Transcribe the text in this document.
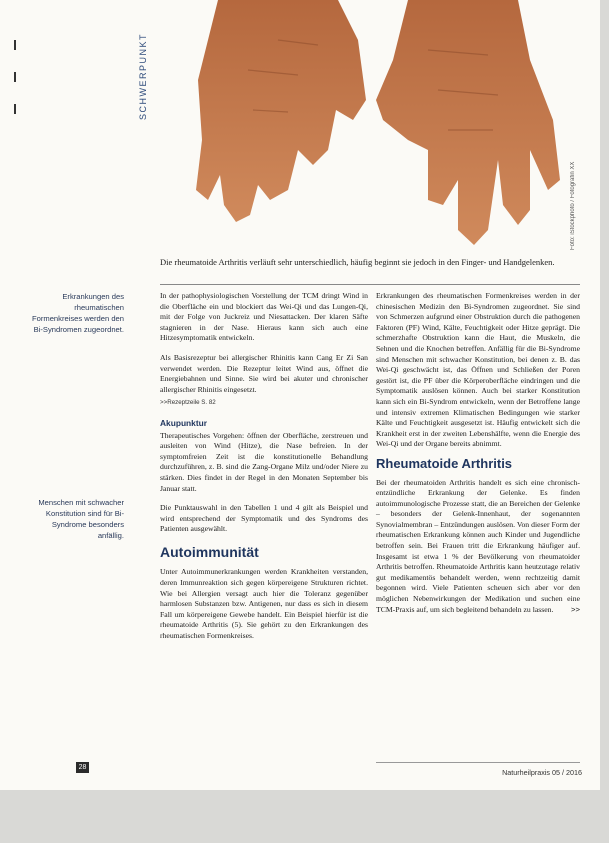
SCHWERPUNKT
Foto: iStockphoto / Fotografin XX
Die rheumatoide Arthritis verläuft sehr unterschiedlich, häufig beginnt sie jedoch in den Finger- und Handgelenken.
Erkrankungen des rheumatischen Formenkreises werden den Bi-Syndromen zugeordnet.
Menschen mit schwacher Konstitution sind für Bi-Syndrome besonders anfällig.

In der pathophysiologischen Vorstellung der TCM dringt Wind in die Oberfläche ein und blockiert das Wei-Qi und das Lungen-Qi, mit der Folge von Juckreiz und Niesattacken. Der klaren Säfte stagnieren in der Nase. Hieraus kann sich auch eine Hitzesymptomatik entwickeln.

Als Basisrezeptur bei allergischer Rhinitis kann Cang Er Zi San verwendet werden. Die Rezeptur leitet Wind aus, öffnet die Energiebahnen und Sinne. Sie wird bei akuter und chronischer allergischer Rhinitis eingesetzt.

>>Rezeptzeile S. 82

Akupunktur

Therapeutisches Vorgehen: öffnen der Oberfläche, zerstreuen und ausleiten von Wind (Hitze), die Nase befreien. In der symptomfreien Zeit ist die konstitutionelle Behandlung durchzuführen, z. B. sind die Zang-Organe Milz und/oder Niere zu stärken. Dies findet in der Regel in den Monaten September bis Januar statt.

Die Punktauswahl in den Tabellen 1 und 4 gilt als Beispiel und wird entsprechend der Symptomatik und des Syndroms des Patienten ausgewählt.

Autoimmunität

Unter Autoimmunerkrankungen werden Krankheiten verstanden, deren Immunreaktion sich gegen körpereigene Strukturen richtet. Wie bei Allergien versagt auch hier die Toleranz gegenüber harmlosen Substanzen bzw. Antigenen, nur dass es sich in diesem Fall um körpereigene Gewebe handelt. Ein Beispiel hierfür ist die rheumatoide Arthritis (5). Sie gehört zu den Erkrankungen des rheumatischen Formenkreises.

Erkrankungen des rheumatischen Formenkreises werden in der chinesischen Medizin den Bi-Syndromen zugeordnet. Sie sind von Schmerzen aufgrund einer Obstruktion durch die pathogenen Faktoren (PF) Wind, Kälte, Feuchtigkeit oder Hitze geprägt. Die schmerzhafte Obstruktion kann die Haut, die Muskeln, die Sehnen und die Knochen betreffen. Anfällig für die Bi-Syndrome sind Menschen mit schwacher Konstitution, bei denen z. B. das Wei-Qi geschwächt ist, das Öffnen und Schließen der Poren gestört ist, die PF über die Körperoberfläche eindringen und die Symptomatik auslösen können. Auch bei starker Konstitution kann sich ein Bi-Syndrom entwickeln, wenn der Betroffene lange und intensiv extremen Klimatischen Bedingungen wie starker Kälte und Feuchtigkeit ausgesetzt ist. Häufig entwickelt sich die Krankheit erst in der zweiten Lebenshälfte, wenn die Energie des Wei-Qi und der Organe bereits abnimmt.

Rheumatoide Arthritis

Bei der rheumatoiden Arthritis handelt es sich eine chronisch-entzündliche Erkrankung der Gelenke. Es finden autoimmunologische Prozesse statt, die an Bereichen der Gelenke – besonders der Gelenk-Innenhaut, der sogenannten Synovialmembran – Entzündungen auslösen. Von dieser Form der rheumatischen Erkrankung können auch Kinder und Jugendliche betroffen sein. Bei Frauen tritt die Erkrankung häufiger auf. Insgesamt ist etwa 1 % der Bevölkerung von rheumatoider Arthritis betroffen. Rheumatoide Arthritis kann heutzutage relativ gut medikamentös behandelt werden, wenn rechtzeitig damit begonnen wird. Viele Patienten scheuen sich aber vor den möglichen Nebenwirkungen der Medikation und suchen eine TCM-Praxis auf, um sich begleitend behandeln zu lassen. >>

28
Naturheilpraxis 05 / 2016
